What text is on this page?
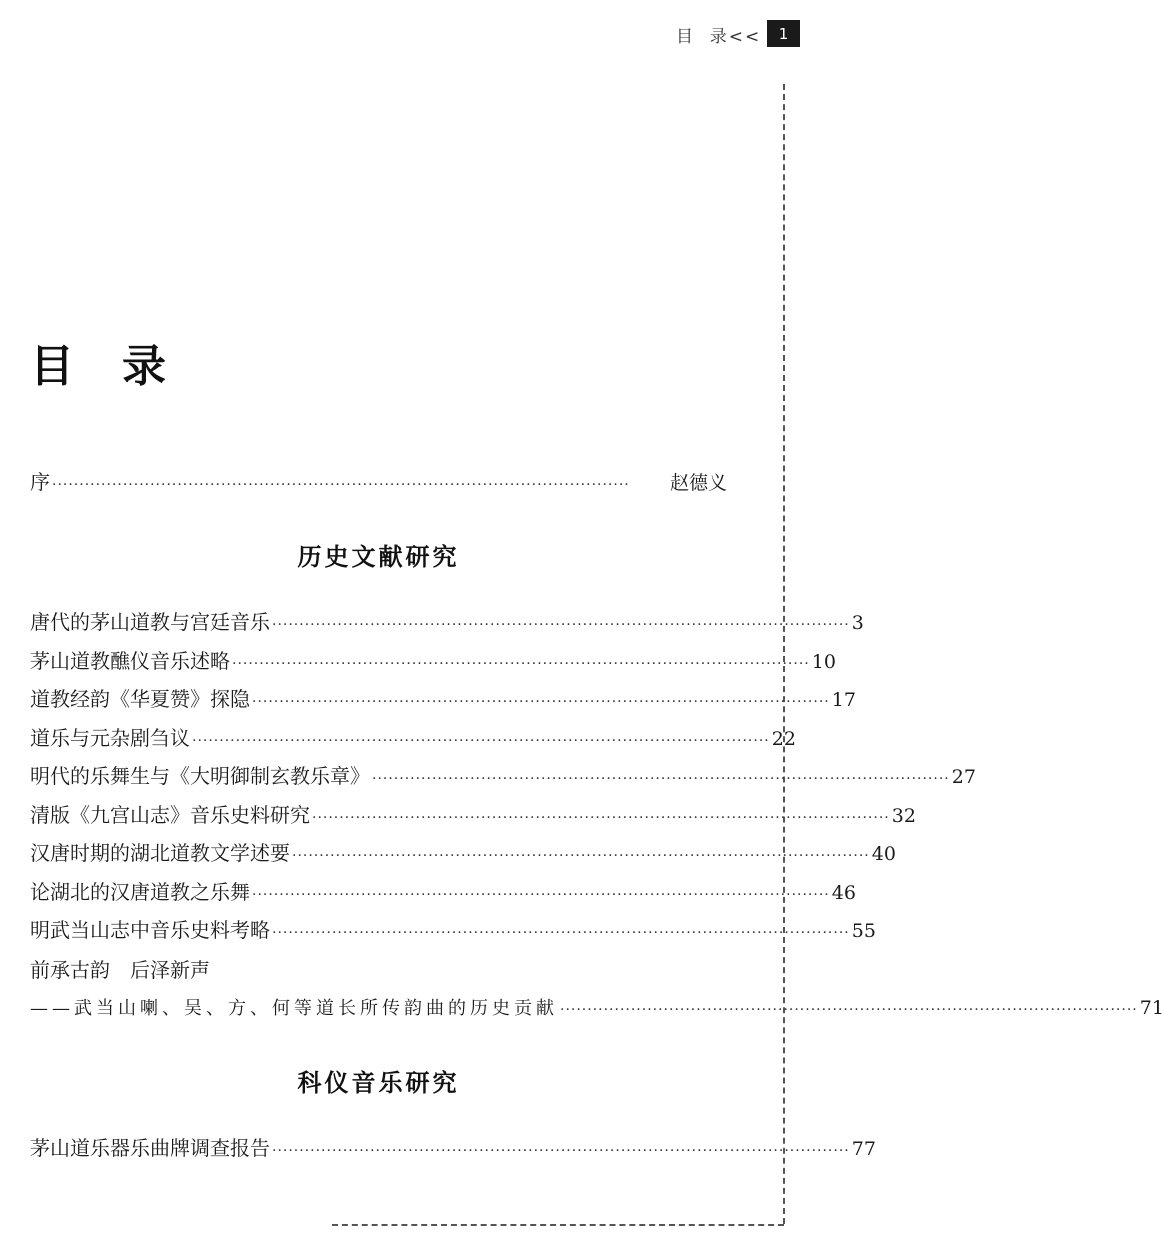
目  录<<	1
目录
序 ··········································································································	赵德义
历史文献研究
唐代的茅山道教与宫廷音乐 ·········································································································· 3
茅山道教醮仪音乐述略 ·········································································································· 10
道教经韵《华夏赞》探隐 ·········································································································· 17
道乐与元杂剧刍议 ·········································································································· 22
明代的乐舞生与《大明御制玄教乐章》 ·········································································································· 27
清版《九宫山志》音乐史料研究 ·········································································································· 32
汉唐时期的湖北道教文学述要 ·········································································································· 40
论湖北的汉唐道教之乐舞 ·········································································································· 46
明武当山志中音乐史料考略 ·········································································································· 55
前承古韵　后泽新声
——武当山喇、吴、方、何等道长所传韵曲的历史贡献 ·········································································································· 71
科仪音乐研究
茅山道乐器乐曲牌调查报告 ·········································································································· 77
